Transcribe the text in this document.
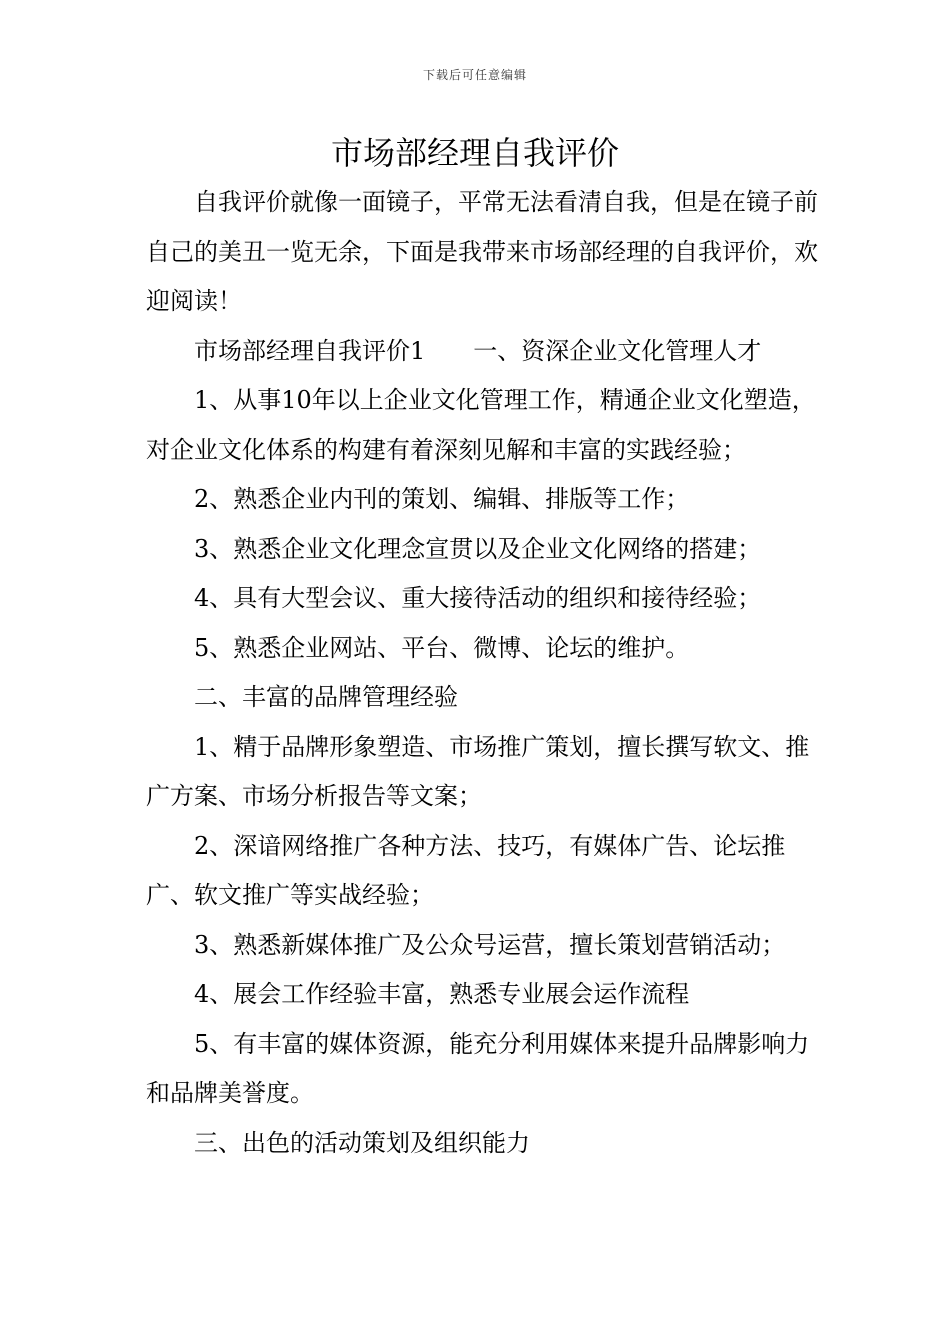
下载后可任意编辑
市场部经理自我评价

自我评价就像一面镜子，平常无法看清自我，但是在镜子前自己的美丑一览无余，下面是我带来市场部经理的自我评价，欢迎阅读！

市场部经理自我评价1 一、资深企业文化管理人才

1、从事10年以上企业文化管理工作，精通企业文化塑造，对企业文化体系的构建有着深刻见解和丰富的实践经验；

2、熟悉企业内刊的策划、编辑、排版等工作；

3、熟悉企业文化理念宣贯以及企业文化网络的搭建；

4、具有大型会议、重大接待活动的组织和接待经验；

5、熟悉企业网站、平台、微博、论坛的维护。

二、丰富的品牌管理经验

1、精于品牌形象塑造、市场推广策划，擅长撰写软文、推广方案、市场分析报告等文案；

2、深谙网络推广各种方法、技巧，有媒体广告、论坛推广、软文推广等实战经验；

3、熟悉新媒体推广及公众号运营，擅长策划营销活动；

4、展会工作经验丰富，熟悉专业展会运作流程

5、有丰富的媒体资源，能充分利用媒体来提升品牌影响力和品牌美誉度。

三、出色的活动策划及组织能力
